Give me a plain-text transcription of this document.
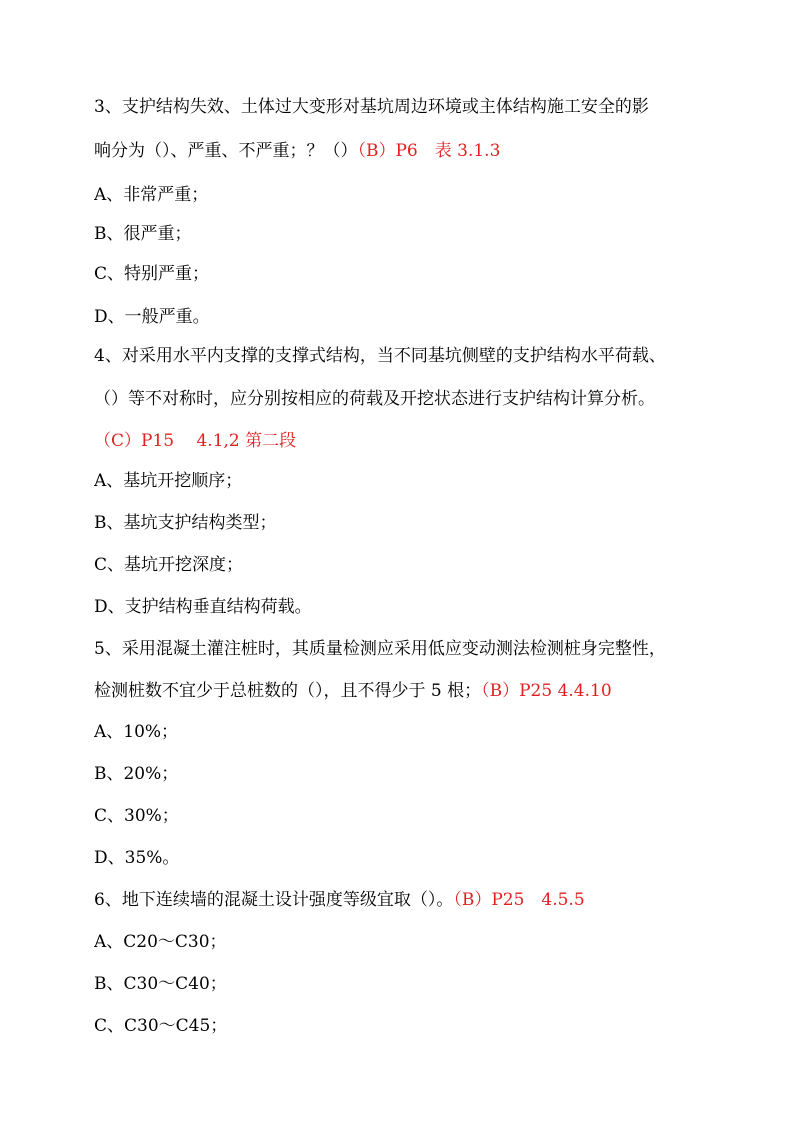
3、支护结构失效、土体过大变形对基坑周边环境或主体结构施工安全的影
响分为（）、严重、不严重；？（）（B）P6　表 3.1.3
A、非常严重；
B、很严重；
C、特别严重；
D、一般严重。
4、对采用水平内支撑的支撑式结构，当不同基坑侧壁的支护结构水平荷载、
（）等不对称时，应分别按相应的荷载及开挖状态进行支护结构计算分析。
（C）P15　 4.1,2 第二段
A、基坑开挖顺序；
B、基坑支护结构类型；
C、基坑开挖深度；
D、支护结构垂直结构荷载。
5、采用混凝土灌注桩时，其质量检测应采用低应变动测法检测桩身完整性，
检测桩数不宜少于总桩数的（），且不得少于 5 根；（B）P25 4.4.10
A、10%；
B、20%；
C、30%；
D、35%。
6、地下连续墙的混凝土设计强度等级宜取（）。（B）P25　4.5.5
A、C20～C30；
B、C30～C40；
C、C30～C45；
